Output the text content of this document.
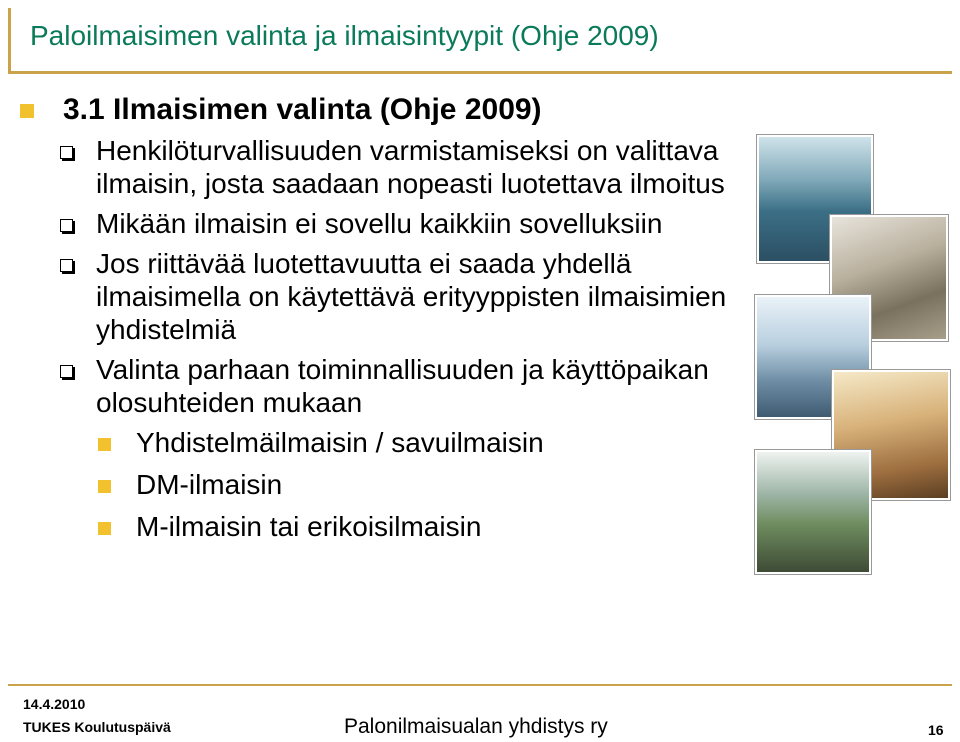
Paloilmaisimen valinta ja ilmaisintyypit (Ohje 2009)
3.1 Ilmaisimen valinta (Ohje 2009)
Henkilöturvallisuuden varmistamiseksi on valittava ilmaisin, josta saadaan nopeasti luotettava ilmoitus
Mikään ilmaisin ei sovellu kaikkiin sovelluksiin
Jos riittävää luotettavuutta ei saada yhdellä ilmaisimella on käytettävä erityyppisten ilmaisimien yhdistelmiä
Valinta parhaan toiminnallisuuden ja käyttöpaikan olosuhteiden mukaan
Yhdistelmäilmaisin / savuilmaisin
DM-ilmaisin
M-ilmaisin tai erikoisilmaisin
14.4.2010
TUKES Koulutuspäivä	Palonilmaisualan yhdistys ry	16
